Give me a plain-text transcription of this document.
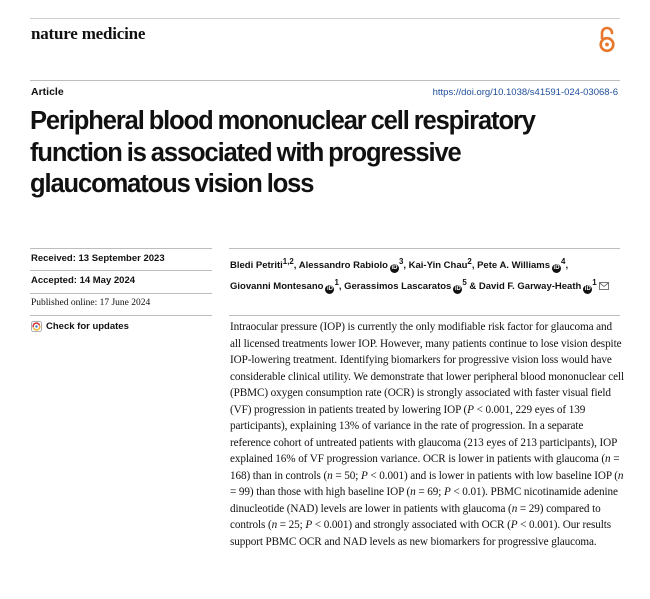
nature medicine
Article	https://doi.org/10.1038/s41591-024-03068-6
Peripheral blood mononuclear cell respiratory function is associated with progressive glaucomatous vision loss
Received: 13 September 2023
Accepted: 14 May 2024
Published online: 17 June 2024
Check for updates
Bledi Petriti$^{1,2}$, Alessandro Rabiolo $iD^3$, Kai-Yin Chau$^2$, Pete A. Williams $iD^4$, Giovanni Montesano $iD^1$, Gerassimos Lascaratos $iD^5$ & David F. Garway-Heath $iD^1$

Intraocular pressure (IOP) is currently the only modifiable risk factor for glaucoma and all licensed treatments lower IOP. However, many patients continue to lose vision despite IOP-lowering treatment. Identifying biomarkers for progressive vision loss would have considerable clinical utility. We demonstrate that lower peripheral blood mononuclear cell (PBMC) oxygen consumption rate (OCR) is strongly associated with faster visual field (VF) progression in patients treated by lowering IOP (P < 0.001, 229 eyes of 139 participants), explaining 13% of variance in the rate of progression. In a separate reference cohort of untreated patients with glaucoma (213 eyes of 213 participants), IOP explained 16% of VF progression variance. OCR is lower in patients with glaucoma (n = 168) than in controls (n = 50; P < 0.001) and is lower in patients with low baseline IOP (n = 99) than those with high baseline IOP (n = 69; P < 0.01). PBMC nicotinamide adenine dinucleotide (NAD) levels are lower in patients with glaucoma (n = 29) compared to controls (n = 25; P < 0.001) and strongly associated with OCR (P < 0.001). Our results support PBMC OCR and NAD levels as new biomarkers for progressive glaucoma.
